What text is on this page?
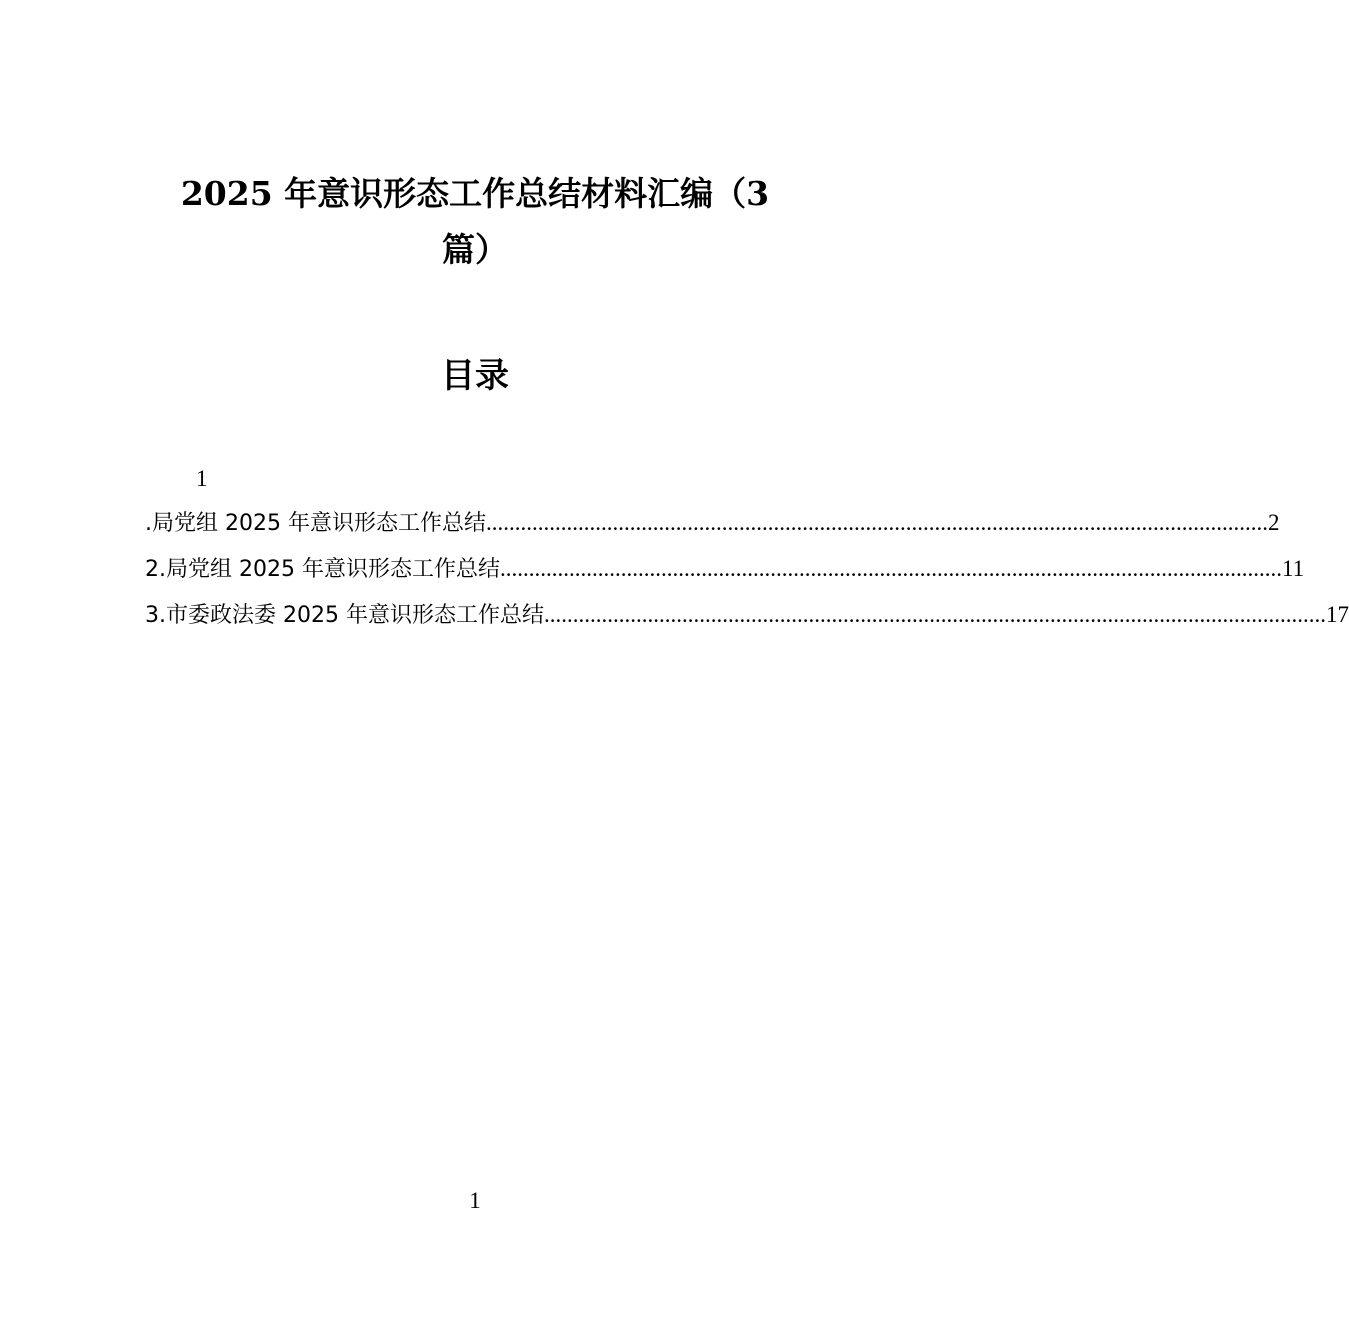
2025 年意识形态工作总结材料汇编（3
篇）
目录
1
.局党组 2025 年意识形态工作总结 ........................................................................................................................................ 2
2.局党组 2025 年意识形态工作总结 ........................................................................................................................................ 11
3.市委政法委 2025 年意识形态工作总结 ........................................................................................................................................ 17
1
